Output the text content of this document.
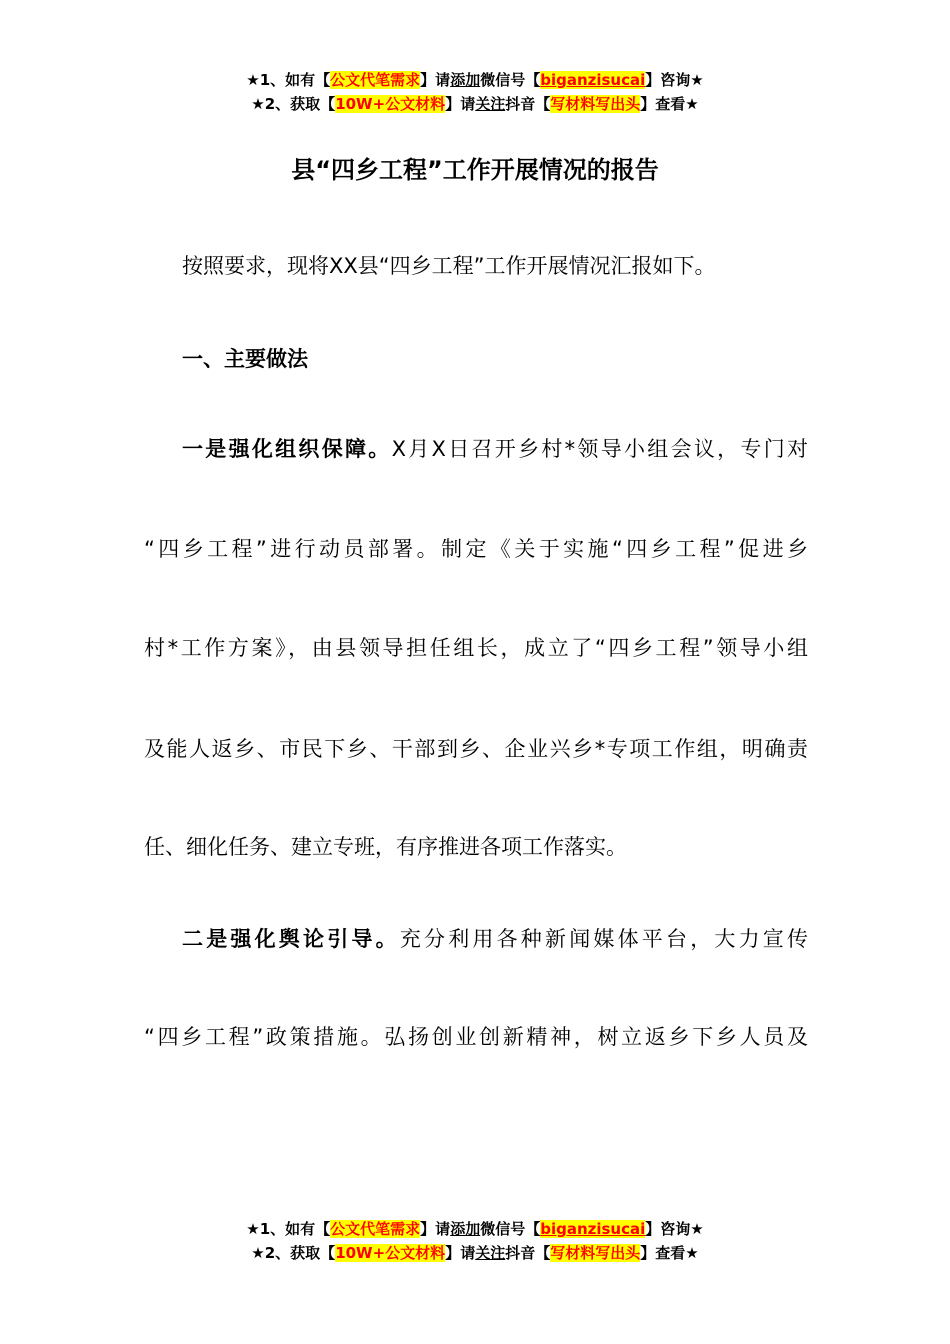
★1、如有【公文代笔需求】请添加微信号【biganzisucai】咨询★
★2、获取【10W+公文材料】请关注抖音【写材料写出头】查看★
县“四乡工程”工作开展情况的报告
按照要求，现将XX县“四乡工程”工作开展情况汇报如下。
一、主要做法
一是强化组织保障。X月X日召开乡村*领导小组会议，专门对
“四乡工程”进行动员部署。制定《关于实施“四乡工程”促进乡
村*工作方案》，由县领导担任组长，成立了“四乡工程”领导小组
及能人返乡、市民下乡、干部到乡、企业兴乡*专项工作组，明确责
任、细化任务、建立专班，有序推进各项工作落实。
二是强化舆论引导。充分利用各种新闻媒体平台，大力宣传
“四乡工程”政策措施。弘扬创业创新精神，树立返乡下乡人员及
★1、如有【公文代笔需求】请添加微信号【biganzisucai】咨询★
★2、获取【10W+公文材料】请关注抖音【写材料写出头】查看★
